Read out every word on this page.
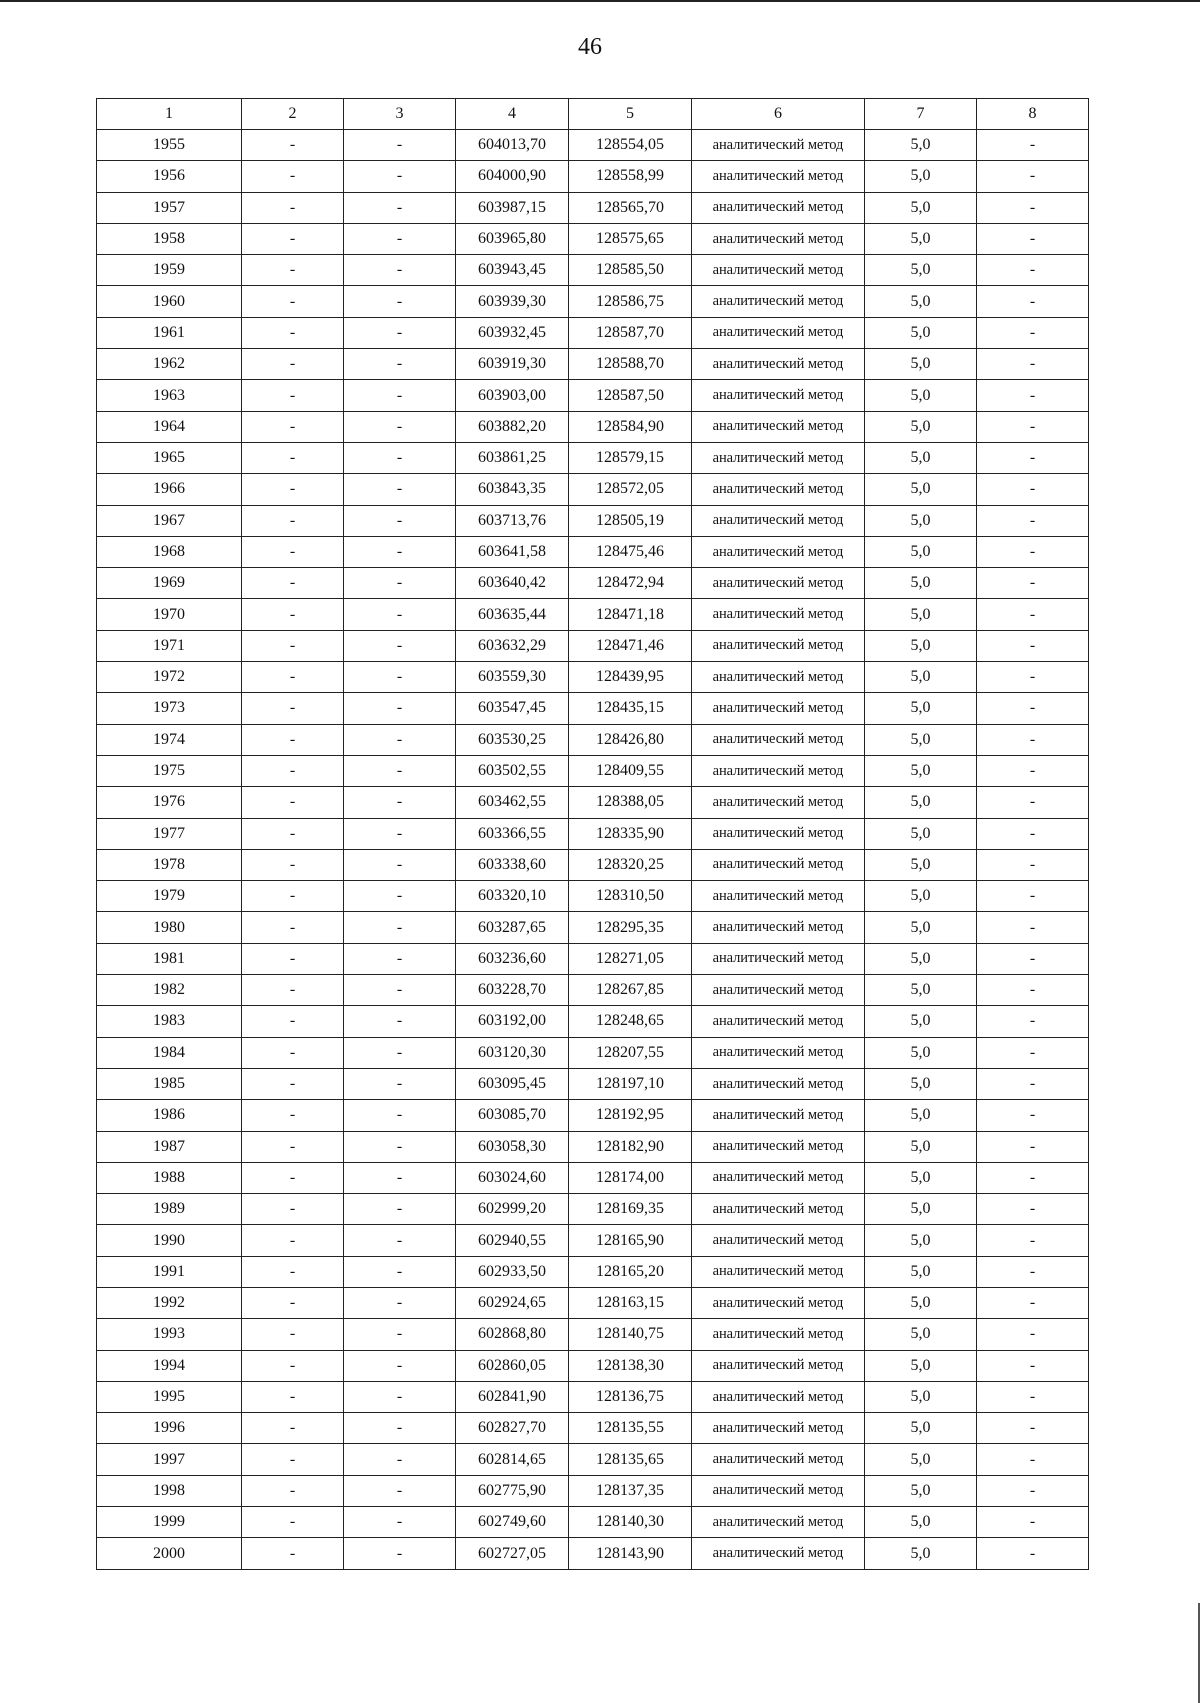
46
1	2	3	4	5	6	7	8
1955	-	-	604013,70	128554,05	аналитический метод	5,0	-
1956	-	-	604000,90	128558,99	аналитический метод	5,0	-
1957	-	-	603987,15	128565,70	аналитический метод	5,0	-
1958	-	-	603965,80	128575,65	аналитический метод	5,0	-
1959	-	-	603943,45	128585,50	аналитический метод	5,0	-
1960	-	-	603939,30	128586,75	аналитический метод	5,0	-
1961	-	-	603932,45	128587,70	аналитический метод	5,0	-
1962	-	-	603919,30	128588,70	аналитический метод	5,0	-
1963	-	-	603903,00	128587,50	аналитический метод	5,0	-
1964	-	-	603882,20	128584,90	аналитический метод	5,0	-
1965	-	-	603861,25	128579,15	аналитический метод	5,0	-
1966	-	-	603843,35	128572,05	аналитический метод	5,0	-
1967	-	-	603713,76	128505,19	аналитический метод	5,0	-
1968	-	-	603641,58	128475,46	аналитический метод	5,0	-
1969	-	-	603640,42	128472,94	аналитический метод	5,0	-
1970	-	-	603635,44	128471,18	аналитический метод	5,0	-
1971	-	-	603632,29	128471,46	аналитический метод	5,0	-
1972	-	-	603559,30	128439,95	аналитический метод	5,0	-
1973	-	-	603547,45	128435,15	аналитический метод	5,0	-
1974	-	-	603530,25	128426,80	аналитический метод	5,0	-
1975	-	-	603502,55	128409,55	аналитический метод	5,0	-
1976	-	-	603462,55	128388,05	аналитический метод	5,0	-
1977	-	-	603366,55	128335,90	аналитический метод	5,0	-
1978	-	-	603338,60	128320,25	аналитический метод	5,0	-
1979	-	-	603320,10	128310,50	аналитический метод	5,0	-
1980	-	-	603287,65	128295,35	аналитический метод	5,0	-
1981	-	-	603236,60	128271,05	аналитический метод	5,0	-
1982	-	-	603228,70	128267,85	аналитический метод	5,0	-
1983	-	-	603192,00	128248,65	аналитический метод	5,0	-
1984	-	-	603120,30	128207,55	аналитический метод	5,0	-
1985	-	-	603095,45	128197,10	аналитический метод	5,0	-
1986	-	-	603085,70	128192,95	аналитический метод	5,0	-
1987	-	-	603058,30	128182,90	аналитический метод	5,0	-
1988	-	-	603024,60	128174,00	аналитический метод	5,0	-
1989	-	-	602999,20	128169,35	аналитический метод	5,0	-
1990	-	-	602940,55	128165,90	аналитический метод	5,0	-
1991	-	-	602933,50	128165,20	аналитический метод	5,0	-
1992	-	-	602924,65	128163,15	аналитический метод	5,0	-
1993	-	-	602868,80	128140,75	аналитический метод	5,0	-
1994	-	-	602860,05	128138,30	аналитический метод	5,0	-
1995	-	-	602841,90	128136,75	аналитический метод	5,0	-
1996	-	-	602827,70	128135,55	аналитический метод	5,0	-
1997	-	-	602814,65	128135,65	аналитический метод	5,0	-
1998	-	-	602775,90	128137,35	аналитический метод	5,0	-
1999	-	-	602749,60	128140,30	аналитический метод	5,0	-
2000	-	-	602727,05	128143,90	аналитический метод	5,0	-
